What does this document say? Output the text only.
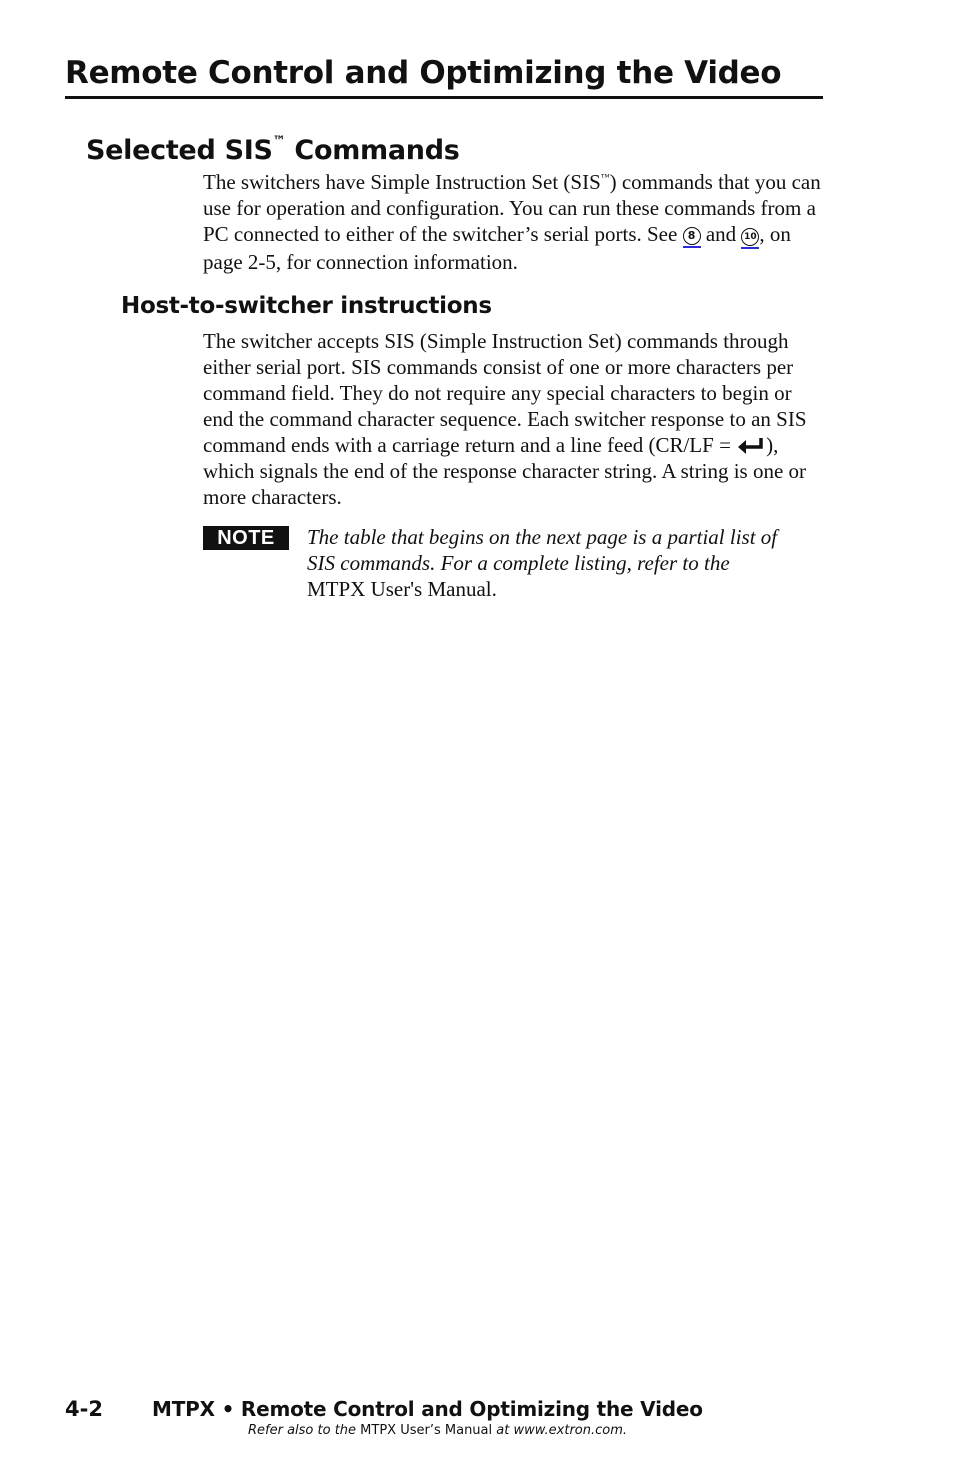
Remote Control and Optimizing the Video
Selected SIS™ Commands

The switchers have Simple Instruction Set (SIS™) commands that you can use for operation and configuration. You can run these commands from a PC connected to either of the switcher’s serial ports. See 8 and 10 , on page 2-5, for connection information.

Host-to-switcher instructions

The switcher accepts SIS (Simple Instruction Set) commands through either serial port. SIS commands consist of one or more characters per command field. They do not require any special characters to begin or end the command character sequence. Each switcher response to an SIS command ends with a carriage return and a line feed (CR/LF = ), which signals the end of the response character string. A string is one or more characters.

NOTE	The table that begins on the next page is a partial list of SIS commands. For a complete listing, refer to the MTPX User's Manual.

4-2 MTPX • Remote Control and Optimizing the Video
Refer also to the MTPX User’s Manual at www.extron.com.
